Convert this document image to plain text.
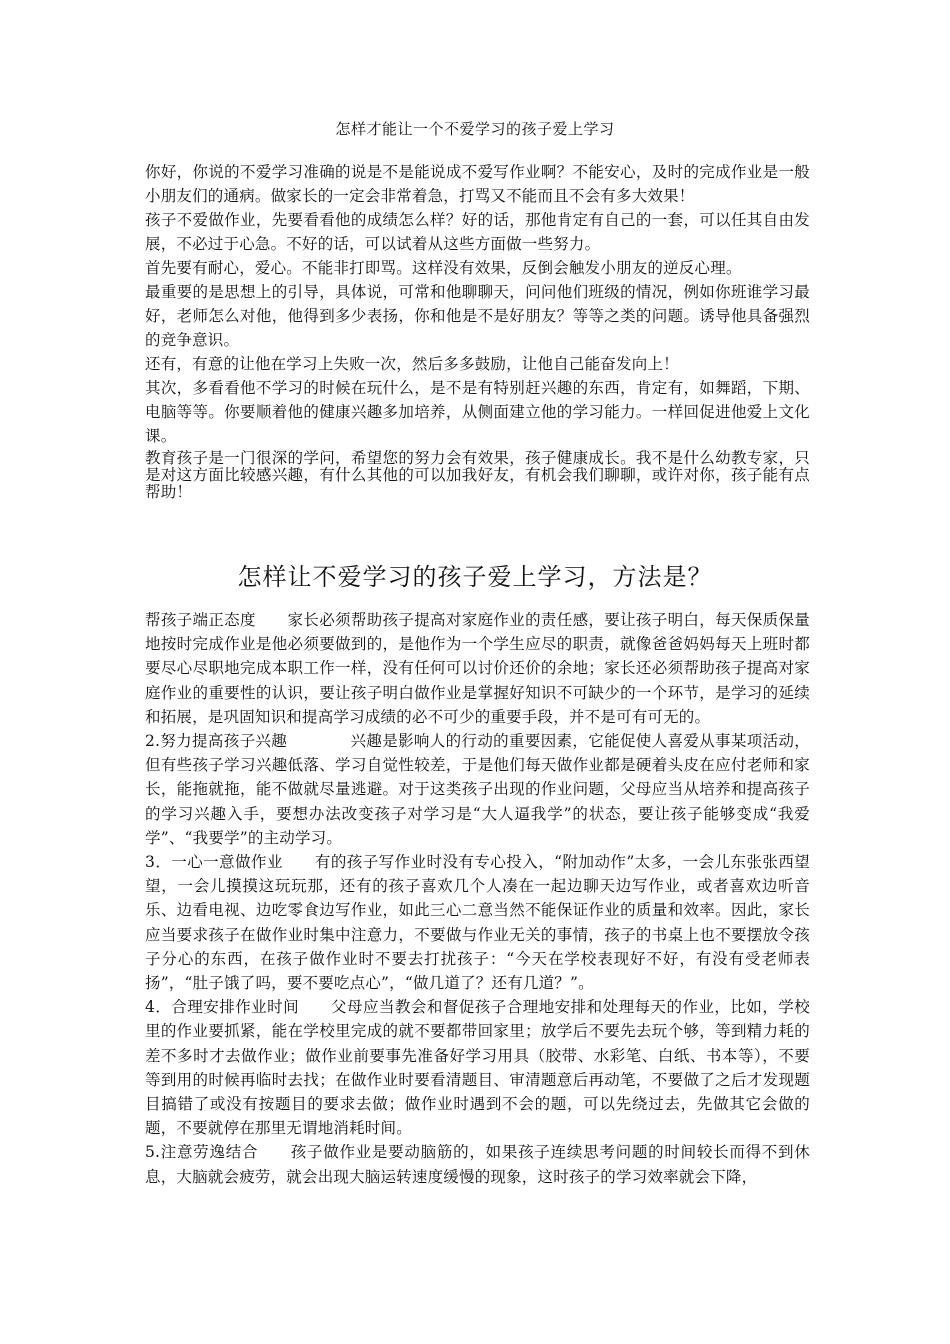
怎样才能让一个不爱学习的孩子爱上学习

你好，你说的不爱学习准确的说是不是能说成不爱写作业啊？不能安心，及时的完成作业是一般小朋友们的通病。做家长的一定会非常着急，打骂又不能而且不会有多大效果！

孩子不爱做作业，先要看看他的成绩怎么样？好的话，那他肯定有自己的一套，可以任其自由发展，不必过于心急。不好的话，可以试着从这些方面做一些努力。

首先要有耐心，爱心。不能非打即骂。这样没有效果，反倒会触发小朋友的逆反心理。

最重要的是思想上的引导，具体说，可常和他聊聊天，问问他们班级的情况，例如你班谁学习最好，老师怎么对他，他得到多少表扬，你和他是不是好朋友？等等之类的问题。诱导他具备强烈的竞争意识。

还有，有意的让他在学习上失败一次，然后多多鼓励，让他自己能奋发向上！

其次，多看看他不学习的时候在玩什么，是不是有特别赶兴趣的东西，肯定有，如舞蹈，下期、电脑等等。你要顺着他的健康兴趣多加培养，从侧面建立他的学习能力。一样回促进他爱上文化课。

教育孩子是一门很深的学问，希望您的努力会有效果，孩子健康成长。我不是什么幼教专家，只是对这方面比较感兴趣，有什么其他的可以加我好友，有机会我们聊聊，或许对你，孩子能有点帮助！

怎样让不爱学习的孩子爱上学习，方法是？

帮孩子端正态度　　家长必须帮助孩子提高对家庭作业的责任感，要让孩子明白，每天保质保量地按时完成作业是他必须要做到的，是他作为一个学生应尽的职责，就像爸爸妈妈每天上班时都要尽心尽职地完成本职工作一样，没有任何可以讨价还价的余地；家长还必须帮助孩子提高对家庭作业的重要性的认识，要让孩子明白做作业是掌握好知识不可缺少的一个环节，是学习的延续和拓展，是巩固知识和提高学习成绩的必不可少的重要手段，并不是可有可无的。

2.努力提高孩子兴趣　　　　兴趣是影响人的行动的重要因素，它能促使人喜爱从事某项活动，但有些孩子学习兴趣低落、学习自觉性较差，于是他们每天做作业都是硬着头皮在应付老师和家长，能拖就拖，能不做就尽量逃避。对于这类孩子出现的作业问题，父母应当从培养和提高孩子的学习兴趣入手，要想办法改变孩子对学习是“大人逼我学”的状态，要让孩子能够变成“我爱学”、“我要学”的主动学习。

3．一心一意做作业　　有的孩子写作业时没有专心投入，“附加动作”太多，一会儿东张张西望望，一会儿摸摸这玩玩那，还有的孩子喜欢几个人凑在一起边聊天边写作业，或者喜欢边听音乐、边看电视、边吃零食边写作业，如此三心二意当然不能保证作业的质量和效率。因此，家长应当要求孩子在做作业时集中注意力，不要做与作业无关的事情，孩子的书桌上也不要摆放令孩子分心的东西，在孩子做作业时不要去打扰孩子：“今天在学校表现好不好，有没有受老师表扬”，“肚子饿了吗，要不要吃点心”，“做几道了？还有几道？”。

4．合理安排作业时间　　父母应当教会和督促孩子合理地安排和处理每天的作业，比如，学校里的作业要抓紧，能在学校里完成的就不要都带回家里；放学后不要先去玩个够，等到精力耗的差不多时才去做作业；做作业前要事先准备好学习用具（胶带、水彩笔、白纸、书本等），不要等到用的时候再临时去找；在做作业时要看清题目、审清题意后再动笔，不要做了之后才发现题目搞错了或没有按题目的要求去做；做作业时遇到不会的题，可以先绕过去，先做其它会做的题，不要就停在那里无谓地消耗时间。

5.注意劳逸结合　　孩子做作业是要动脑筋的，如果孩子连续思考问题的时间较长而得不到休息，大脑就会疲劳，就会出现大脑运转速度缓慢的现象，这时孩子的学习效率就会下降，
